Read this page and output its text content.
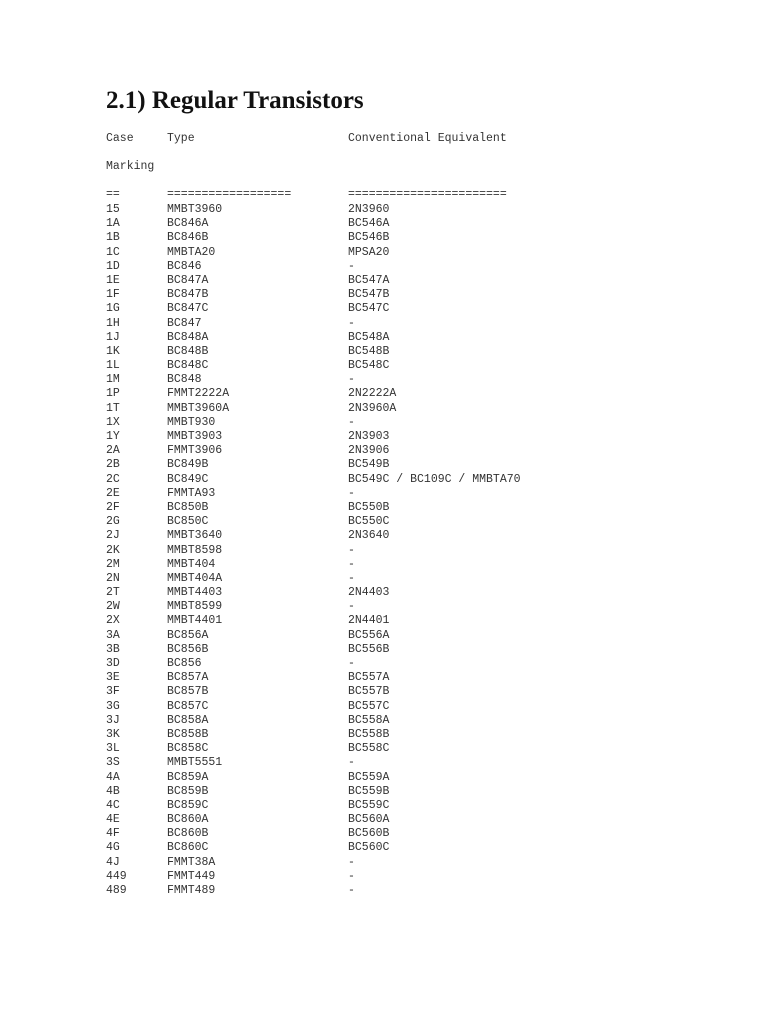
2.1) Regular Transistors
Case	Type	Conventional Equivalent
Marking
==	==================	=======================
15	MMBT3960	2N3960
1A	BC846A	BC546A
1B	BC846B	BC546B
1C	MMBTA20	MPSA20
1D	BC846	-
1E	BC847A	BC547A
1F	BC847B	BC547B
1G	BC847C	BC547C
1H	BC847	-
1J	BC848A	BC548A
1K	BC848B	BC548B
1L	BC848C	BC548C
1M	BC848	-
1P	FMMT2222A	2N2222A
1T	MMBT3960A	2N3960A
1X	MMBT930	-
1Y	MMBT3903	2N3903
2A	FMMT3906	2N3906
2B	BC849B	BC549B
2C	BC849C	BC549C / BC109C / MMBTA70
2E	FMMTA93	-
2F	BC850B	BC550B
2G	BC850C	BC550C
2J	MMBT3640	2N3640
2K	MMBT8598	-
2M	MMBT404	-
2N	MMBT404A	-
2T	MMBT4403	2N4403
2W	MMBT8599	-
2X	MMBT4401	2N4401
3A	BC856A	BC556A
3B	BC856B	BC556B
3D	BC856	-
3E	BC857A	BC557A
3F	BC857B	BC557B
3G	BC857C	BC557C
3J	BC858A	BC558A
3K	BC858B	BC558B
3L	BC858C	BC558C
3S	MMBT5551	-
4A	BC859A	BC559A
4B	BC859B	BC559B
4C	BC859C	BC559C
4E	BC860A	BC560A
4F	BC860B	BC560B
4G	BC860C	BC560C
4J	FMMT38A	-
449	FMMT449	-
489	FMMT489	-
